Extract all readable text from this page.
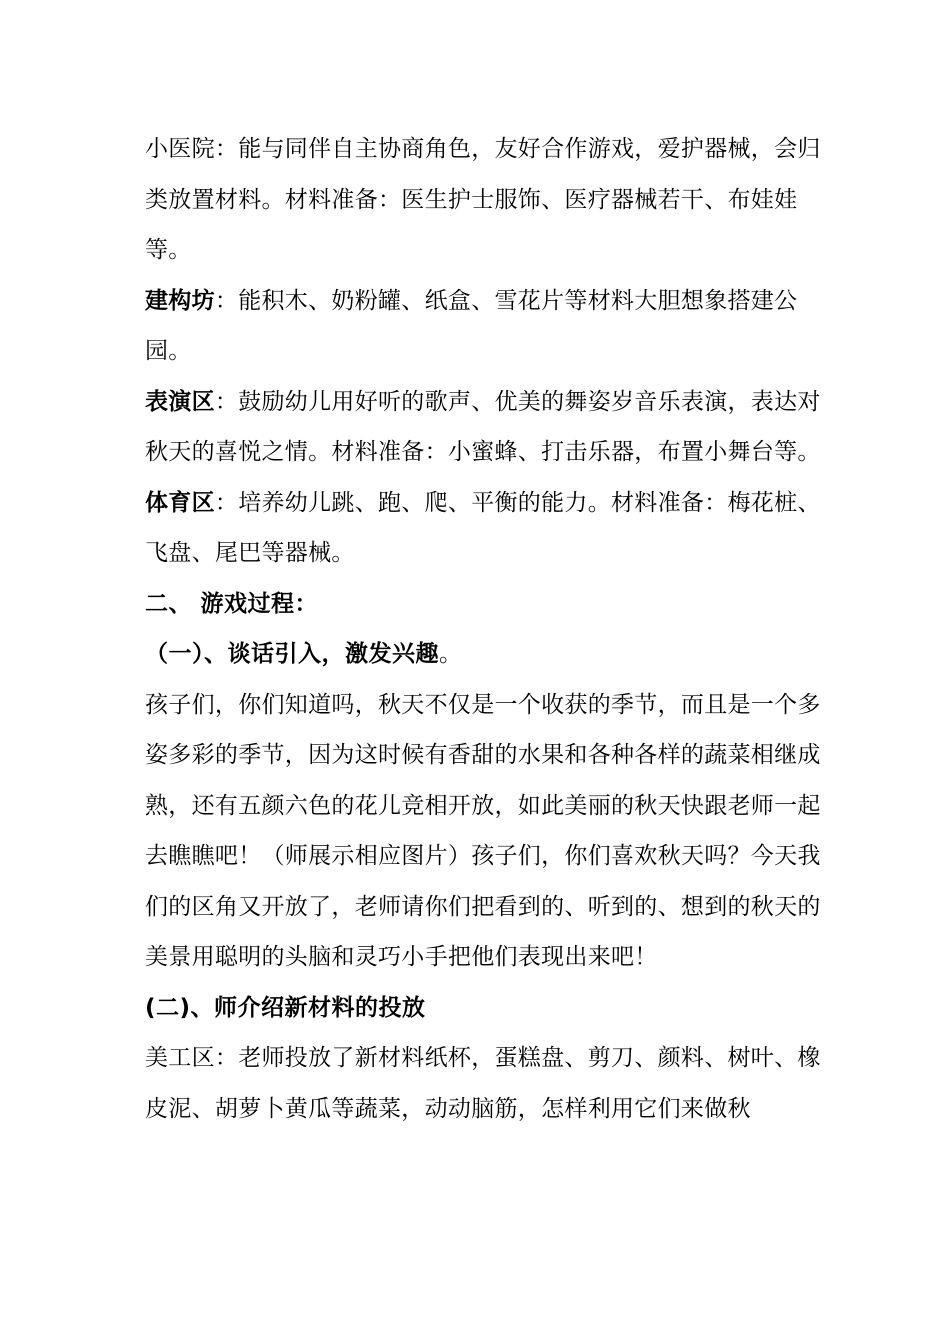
小医院：能与同伴自主协商角色，友好合作游戏，爱护器械，会归类放置材料。材料准备：医生护士服饰、医疗器械若干、布娃娃等。

建构坊：能积木、奶粉罐、纸盒、雪花片等材料大胆想象搭建公园。

表演区：鼓励幼儿用好听的歌声、优美的舞姿岁音乐表演，表达对秋天的喜悦之情。材料准备：小蜜蜂、打击乐器，布置小舞台等。

体育区：培养幼儿跳、跑、爬、平衡的能力。材料准备：梅花桩、飞盘、尾巴等器械。

二、 游戏过程：

（一）、谈话引入，激发兴趣。

孩子们，你们知道吗，秋天不仅是一个收获的季节，而且是一个多姿多彩的季节，因为这时候有香甜的水果和各种各样的蔬菜相继成熟，还有五颜六色的花儿竞相开放，如此美丽的秋天快跟老师一起去瞧瞧吧！（师展示相应图片）孩子们，你们喜欢秋天吗？今天我们的区角又开放了，老师请你们把看到的、听到的、想到的秋天的美景用聪明的头脑和灵巧小手把他们表现出来吧！

(二)、师介绍新材料的投放

美工区：老师投放了新材料纸杯，蛋糕盘、剪刀、颜料、树叶、橡皮泥、胡萝卜黄瓜等蔬菜，动动脑筋，怎样利用它们来做秋
